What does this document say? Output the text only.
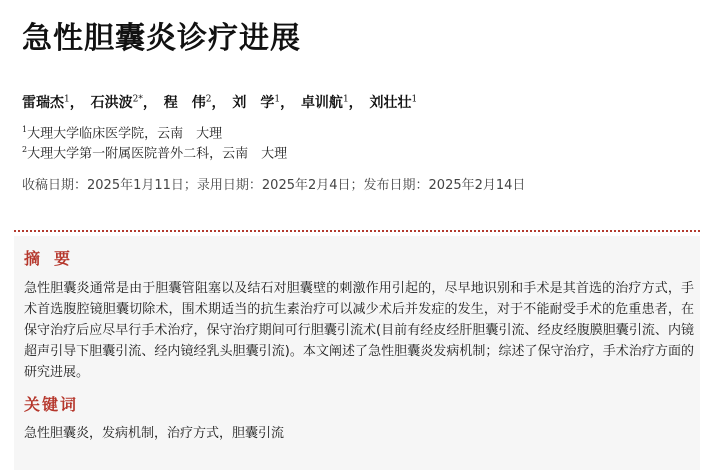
急性胆囊炎诊疗进展
雷瑞杰$^1$， 石洪波$^{2*}$， 程　伟$^2$， 刘　学$^1$， 卓训航$^1$， 刘壮壮$^1$
$^1$大理大学临床医学院，云南　大理
$^2$大理大学第一附属医院普外二科，云南　大理
收稿日期：2025年1月11日；录用日期：2025年2月4日；发布日期：2025年2月14日
摘要

急性胆囊炎通常是由于胆囊管阻塞以及结石对胆囊壁的刺激作用引起的，尽早地识别和手术是其首选的治疗方式，手术首选腹腔镜胆囊切除术，围术期适当的抗生素治疗可以减少术后并发症的发生，对于不能耐受手术的危重患者，在保守治疗后应尽早行手术治疗，保守治疗期间可行胆囊引流术(目前有经皮经肝胆囊引流、经皮经腹膜胆囊引流、内镜超声引导下胆囊引流、经内镜经乳头胆囊引流)。本文阐述了急性胆囊炎发病机制；综述了保守治疗，手术治疗方面的研究进展。

关键词

急性胆囊炎，发病机制，治疗方式，胆囊引流
